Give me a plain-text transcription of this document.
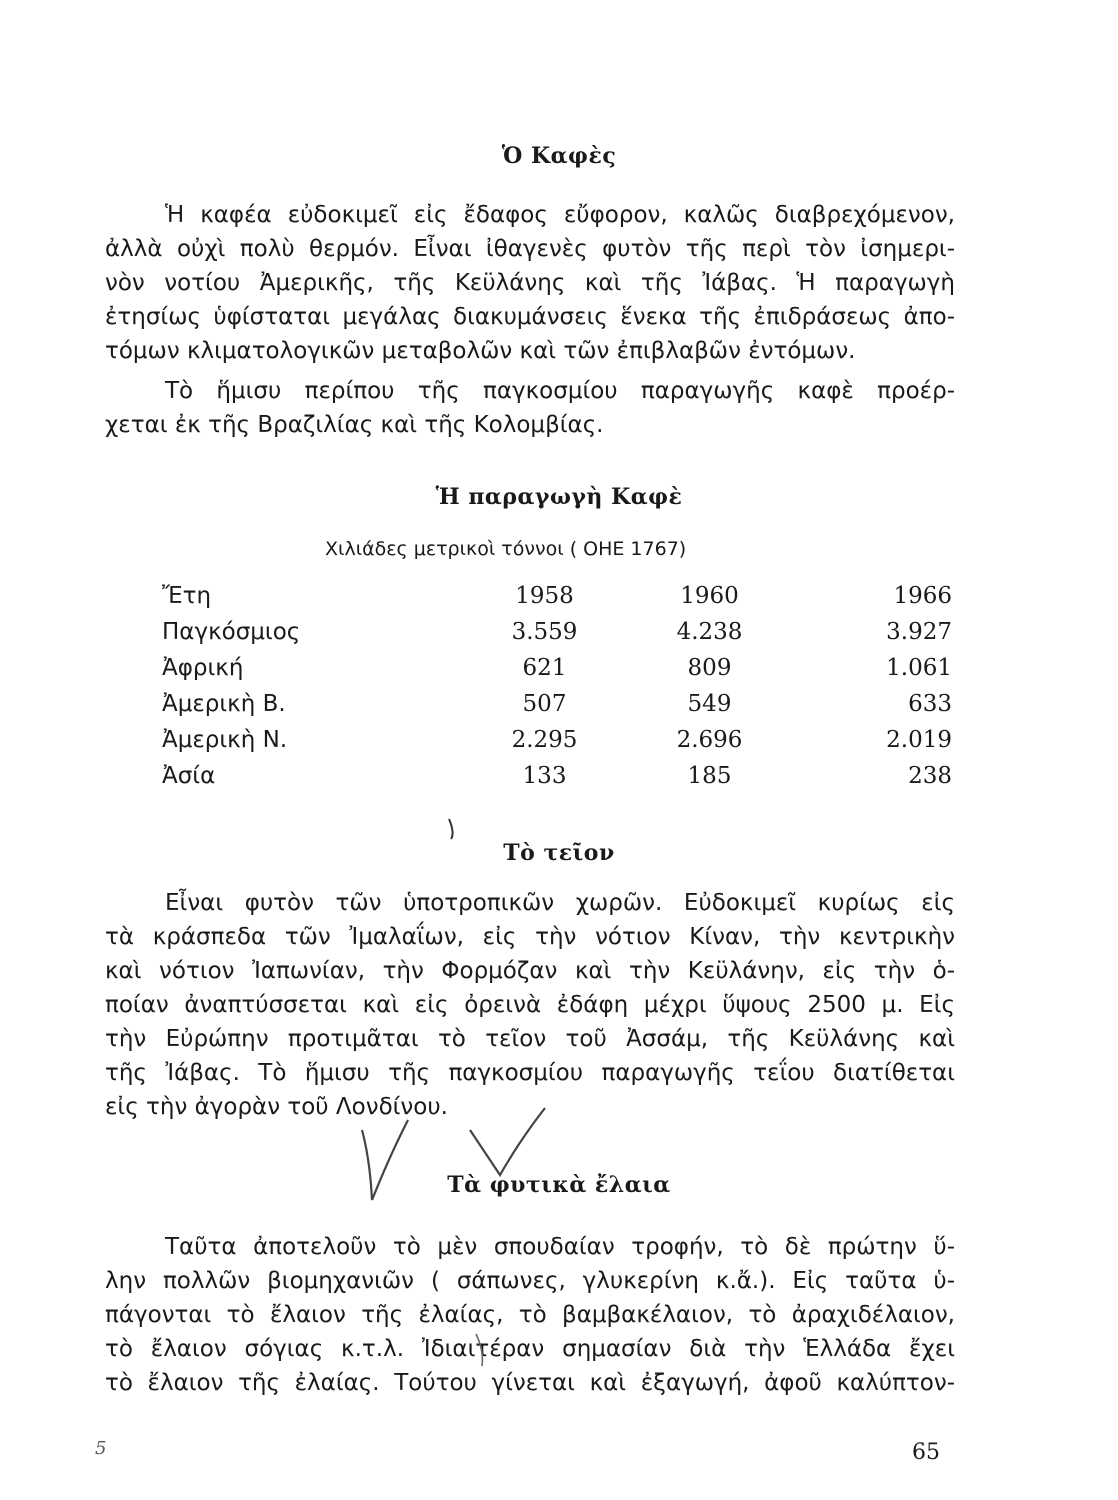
Ὁ Καφὲς
Ἡ καφέα εὐδοκιμεῖ εἰς ἔδαφος εὔφορον, καλῶς διαβρεχόμενον,
ἀλλὰ οὐχὶ πολὺ θερμόν. Εἶναι ἰθαγενὲς φυτὸν τῆς περὶ τὸν ἰσημερι-
νὸν νοτίου Ἀμερικῆς, τῆς Κεϋλάνης καὶ τῆς Ἰάβας. Ἡ παραγωγὴ
ἐτησίως ὑφίσταται μεγάλας διακυμάνσεις ἕνεκα τῆς ἐπιδράσεως ἀπο-
τόμων κλιματολογικῶν μεταβολῶν καὶ τῶν ἐπιβλαβῶν ἐντόμων.
Τὸ ἥμισυ περίπου τῆς παγκοσμίου παραγωγῆς καφὲ προέρ-
χεται ἐκ τῆς Βραζιλίας καὶ τῆς Κολομβίας.
Ἡ παραγωγὴ Καφὲ
Χιλιάδες μετρικοὶ τόννοι ( ΟΗΕ 1767)
Ἔτη	1958	1960	1966
Παγκόσμιος	3.559	4.238	3.927
Ἀφρική	621	809	1.061
Ἀμερικὴ Β.	507	549	633
Ἀμερικὴ Ν.	2.295	2.696	2.019
Ἀσία	133	185	238
Τὸ τεῖον
Εἶναι φυτὸν τῶν ὑποτροπικῶν χωρῶν. Εὐδοκιμεῖ κυρίως εἰς
τὰ κράσπεδα τῶν Ἰμαλαΐων, εἰς τὴν νότιον Κίναν, τὴν κεντρικὴν
καὶ νότιον Ἰαπωνίαν, τὴν Φορμόζαν καὶ τὴν Κεϋλάνην, εἰς τὴν ὁ-
ποίαν ἀναπτύσσεται καὶ εἰς ὀρεινὰ ἐδάφη μέχρι ὕψους 2500 μ. Εἰς
τὴν Εὐρώπην προτιμᾶται τὸ τεῖον τοῦ Ἀσσάμ, τῆς Κεϋλάνης καὶ
τῆς Ἰάβας. Τὸ ἥμισυ τῆς παγκοσμίου παραγωγῆς τεΐου διατίθεται
εἰς τὴν ἀγορὰν τοῦ Λονδίνου.
Τὰ φυτικὰ ἔλαια
Ταῦτα ἀποτελοῦν τὸ μὲν σπουδαίαν τροφήν, τὸ δὲ πρώτην ὕ-
λην πολλῶν βιομηχανιῶν ( σάπωνες, γλυκερίνη κ.ἄ.). Εἰς ταῦτα ὑ-
πάγονται τὸ ἔλαιον τῆς ἐλαίας, τὸ βαμβακέλαιον, τὸ ἀραχιδέλαιον,
τὸ ἔλαιον σόγιας κ.τ.λ. Ἰδιαιτέραν σημασίαν διὰ τὴν Ἑλλάδα ἔχει
τὸ ἔλαιον τῆς ἐλαίας. Τούτου γίνεται καὶ ἐξαγωγή, ἀφοῦ καλύπτον-
5	65
